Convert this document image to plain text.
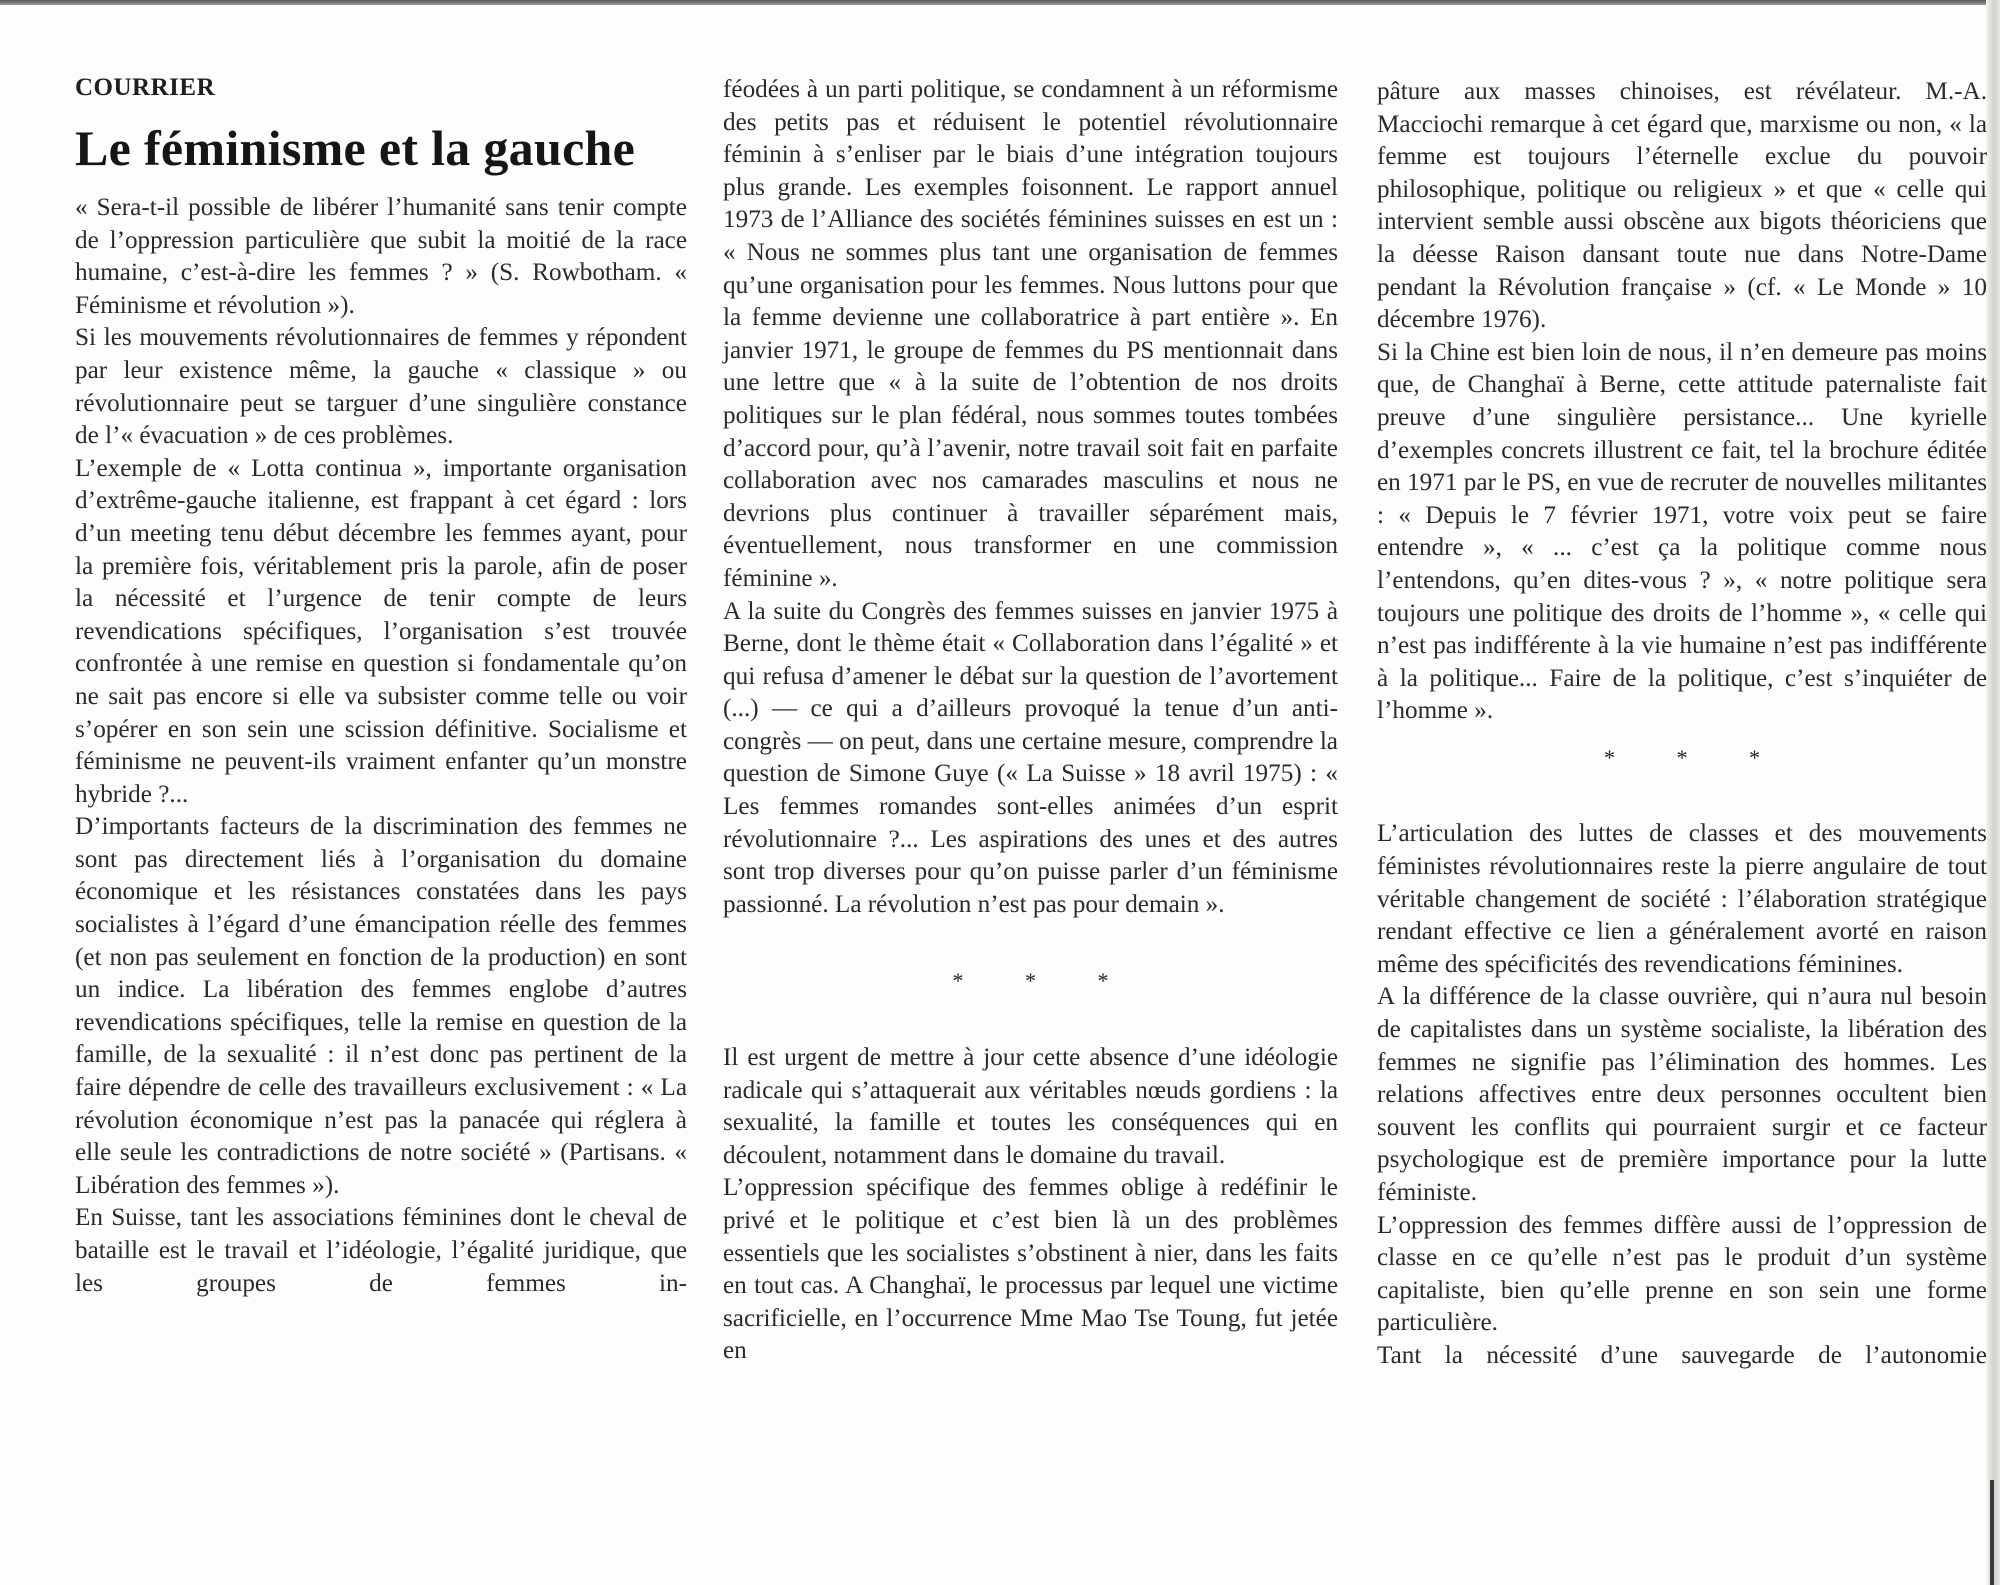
COURRIER
Le féminisme et la gauche

« Sera-t-il possible de libérer l’humanité sans tenir compte de l’oppression particulière que subit la moitié de la race humaine, c’est-à-dire les femmes ? » (S. Rowbotham. « Féminisme et révolution »).

Si les mouvements révolutionnaires de femmes y répondent par leur existence même, la gauche « classique » ou révolutionnaire peut se targuer d’une singulière constance de l’« évacuation » de ces problèmes.

L’exemple de « Lotta continua », importante organisation d’extrême-gauche italienne, est frappant à cet égard : lors d’un meeting tenu début décembre les femmes ayant, pour la première fois, véritablement pris la parole, afin de poser la nécessité et l’urgence de tenir compte de leurs revendications spécifiques, l’organisation s’est trouvée confrontée à une remise en question si fondamentale qu’on ne sait pas encore si elle va subsister comme telle ou voir s’opérer en son sein une scission définitive. Socialisme et féminisme ne peuvent-ils vraiment enfanter qu’un monstre hybride ?...

D’importants facteurs de la discrimination des femmes ne sont pas directement liés à l’organisation du domaine économique et les résistances constatées dans les pays socialistes à l’égard d’une émancipation réelle des femmes (et non pas seulement en fonction de la production) en sont un indice. La libération des femmes englobe d’autres revendications spécifiques, telle la remise en question de la famille, de la sexualité : il n’est donc pas pertinent de la faire dépendre de celle des travailleurs exclusivement : « La révolution économique n’est pas la panacée qui réglera à elle seule les contradictions de notre société » (Partisans. « Libération des femmes »).

En Suisse, tant les associations féminines dont le cheval de bataille est le travail et l’idéologie, l’égalité juridique, que les groupes de femmes in-

féodées à un parti politique, se condamnent à un réformisme des petits pas et réduisent le potentiel révolutionnaire féminin à s’enliser par le biais d’une intégration toujours plus grande. Les exemples foisonnent. Le rapport annuel 1973 de l’Alliance des sociétés féminines suisses en est un : « Nous ne sommes plus tant une organisation de femmes qu’une organisation pour les femmes. Nous luttons pour que la femme devienne une collaboratrice à part entière ». En janvier 1971, le groupe de femmes du PS mentionnait dans une lettre que « à la suite de l’obtention de nos droits politiques sur le plan fédéral, nous sommes toutes tombées d’accord pour, qu’à l’avenir, notre travail soit fait en parfaite collaboration avec nos camarades masculins et nous ne devrions plus continuer à travailler séparément mais, éventuellement, nous transformer en une commission féminine ».

A la suite du Congrès des femmes suisses en janvier 1975 à Berne, dont le thème était « Collaboration dans l’égalité » et qui refusa d’amener le débat sur la question de l’avortement (...) — ce qui a d’ailleurs provoqué la tenue d’un anti-congrès — on peut, dans une certaine mesure, comprendre la question de Simone Guye (« La Suisse » 18 avril 1975) : « Les femmes romandes sont-elles animées d’un esprit révolutionnaire ?... Les aspirations des unes et des autres sont trop diverses pour qu’on puisse parler d’un féminisme passionné. La révolution n’est pas pour demain ».

* * *

Il est urgent de mettre à jour cette absence d’une idéologie radicale qui s’attaquerait aux véritables nœuds gordiens : la sexualité, la famille et toutes les conséquences qui en découlent, notamment dans le domaine du travail.

L’oppression spécifique des femmes oblige à redéfinir le privé et le politique et c’est bien là un des problèmes essentiels que les socialistes s’obstinent à nier, dans les faits en tout cas. A Changhaï, le processus par lequel une victime sacrificielle, en l’occurrence Mme Mao Tse Toung, fut jetée en

pâture aux masses chinoises, est révélateur. M.-A. Macciochi remarque à cet égard que, marxisme ou non, « la femme est toujours l’éternelle exclue du pouvoir philosophique, politique ou religieux » et que « celle qui intervient semble aussi obscène aux bigots théoriciens que la déesse Raison dansant toute nue dans Notre-Dame pendant la Révolution française » (cf. « Le Monde » 10 décembre 1976).

Si la Chine est bien loin de nous, il n’en demeure pas moins que, de Changhaï à Berne, cette attitude paternaliste fait preuve d’une singulière persistance... Une kyrielle d’exemples concrets illustrent ce fait, tel la brochure éditée en 1971 par le PS, en vue de recruter de nouvelles militantes : « Depuis le 7 février 1971, votre voix peut se faire entendre », « ... c’est ça la politique comme nous l’entendons, qu’en dites-vous ? », « notre politique sera toujours une politique des droits de l’homme », « celle qui n’est pas indifférente à la vie humaine n’est pas indifférente à la politique... Faire de la politique, c’est s’inquiéter de l’homme ».

* * *

L’articulation des luttes de classes et des mouvements féministes révolutionnaires reste la pierre angulaire de tout véritable changement de société : l’élaboration stratégique rendant effective ce lien a généralement avorté en raison même des spécificités des revendications féminines.

A la différence de la classe ouvrière, qui n’aura nul besoin de capitalistes dans un système socialiste, la libération des femmes ne signifie pas l’élimination des hommes. Les relations affectives entre deux personnes occultent bien souvent les conflits qui pourraient surgir et ce facteur psychologique est de première importance pour la lutte féministe.

L’oppression des femmes diffère aussi de l’oppression de classe en ce qu’elle n’est pas le produit d’un système capitaliste, bien qu’elle prenne en son sein une forme particulière.

Tant la nécessité d’une sauvegarde de l’autonomie
